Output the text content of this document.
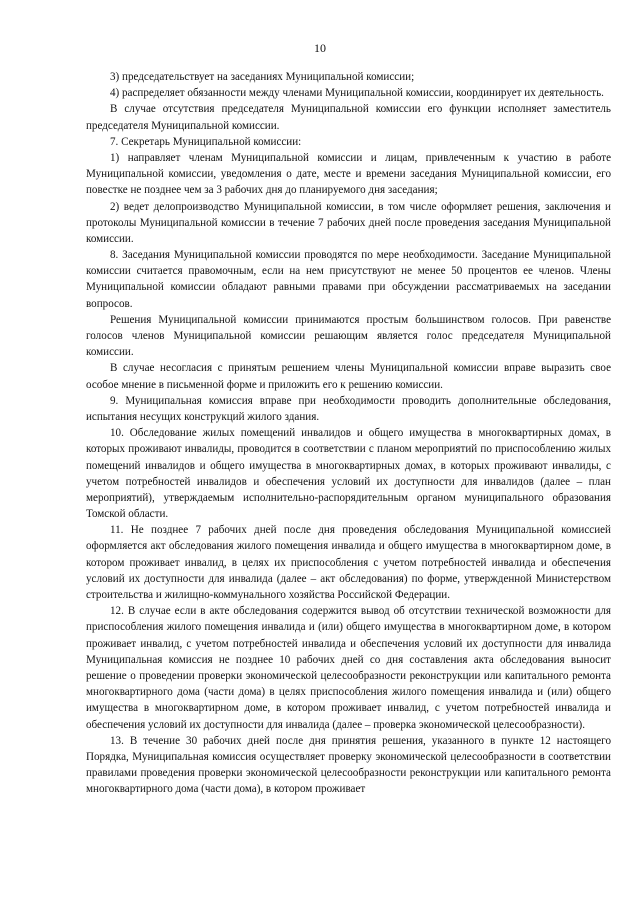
10

3) председательствует на заседаниях Муниципальной комиссии;

4) распределяет обязанности между членами Муниципальной комиссии, координирует их деятельность.

В случае отсутствия председателя Муниципальной комиссии его функции исполняет заместитель председателя Муниципальной комиссии.

7. Секретарь Муниципальной комиссии:

1) направляет членам Муниципальной комиссии и лицам, привлеченным к участию в работе Муниципальной комиссии, уведомления о дате, месте и времени заседания Муниципальной комиссии, его повестке не позднее чем за 3 рабочих дня до планируемого дня заседания;

2) ведет делопроизводство Муниципальной комиссии, в том числе оформляет решения, заключения и протоколы Муниципальной комиссии в течение 7 рабочих дней после проведения заседания Муниципальной комиссии.

8. Заседания Муниципальной комиссии проводятся по мере необходимости. Заседание Муниципальной комиссии считается правомочным, если на нем присутствуют не менее 50 процентов ее членов. Члены Муниципальной комиссии обладают равными правами при обсуждении рассматриваемых на заседании вопросов.

Решения Муниципальной комиссии принимаются простым большинством голосов. При равенстве голосов членов Муниципальной комиссии решающим является голос председателя Муниципальной комиссии.

В случае несогласия с принятым решением члены Муниципальной комиссии вправе выразить свое особое мнение в письменной форме и приложить его к решению комиссии.

9. Муниципальная комиссия вправе при необходимости проводить дополнительные обследования, испытания несущих конструкций жилого здания.

10. Обследование жилых помещений инвалидов и общего имущества в многоквартирных домах, в которых проживают инвалиды, проводится в соответствии с планом мероприятий по приспособлению жилых помещений инвалидов и общего имущества в многоквартирных домах, в которых проживают инвалиды, с учетом потребностей инвалидов и обеспечения условий их доступности для инвалидов (далее – план мероприятий), утверждаемым исполнительно-распорядительным органом муниципального образования Томской области.

11. Не позднее 7 рабочих дней после дня проведения обследования Муниципальной комиссией оформляется акт обследования жилого помещения инвалида и общего имущества в многоквартирном доме, в котором проживает инвалид, в целях их приспособления с учетом потребностей инвалида и обеспечения условий их доступности для инвалида (далее – акт обследования) по форме, утвержденной Министерством строительства и жилищно-коммунального хозяйства Российской Федерации.

12. В случае если в акте обследования содержится вывод об отсутствии технической возможности для приспособления жилого помещения инвалида и (или) общего имущества в многоквартирном доме, в котором проживает инвалид, с учетом потребностей инвалида и обеспечения условий их доступности для инвалида Муниципальная комиссия не позднее 10 рабочих дней со дня составления акта обследования выносит решение о проведении проверки экономической целесообразности реконструкции или капитального ремонта многоквартирного дома (части дома) в целях приспособления жилого помещения инвалида и (или) общего имущества в многоквартирном доме, в котором проживает инвалид, с учетом потребностей инвалида и обеспечения условий их доступности для инвалида (далее – проверка экономической целесообразности).

13. В течение 30 рабочих дней после дня принятия решения, указанного в пункте 12 настоящего Порядка, Муниципальная комиссия осуществляет проверку экономической целесообразности в соответствии правилами проведения проверки экономической целесообразности реконструкции или капитального ремонта многоквартирного дома (части дома), в котором проживает
